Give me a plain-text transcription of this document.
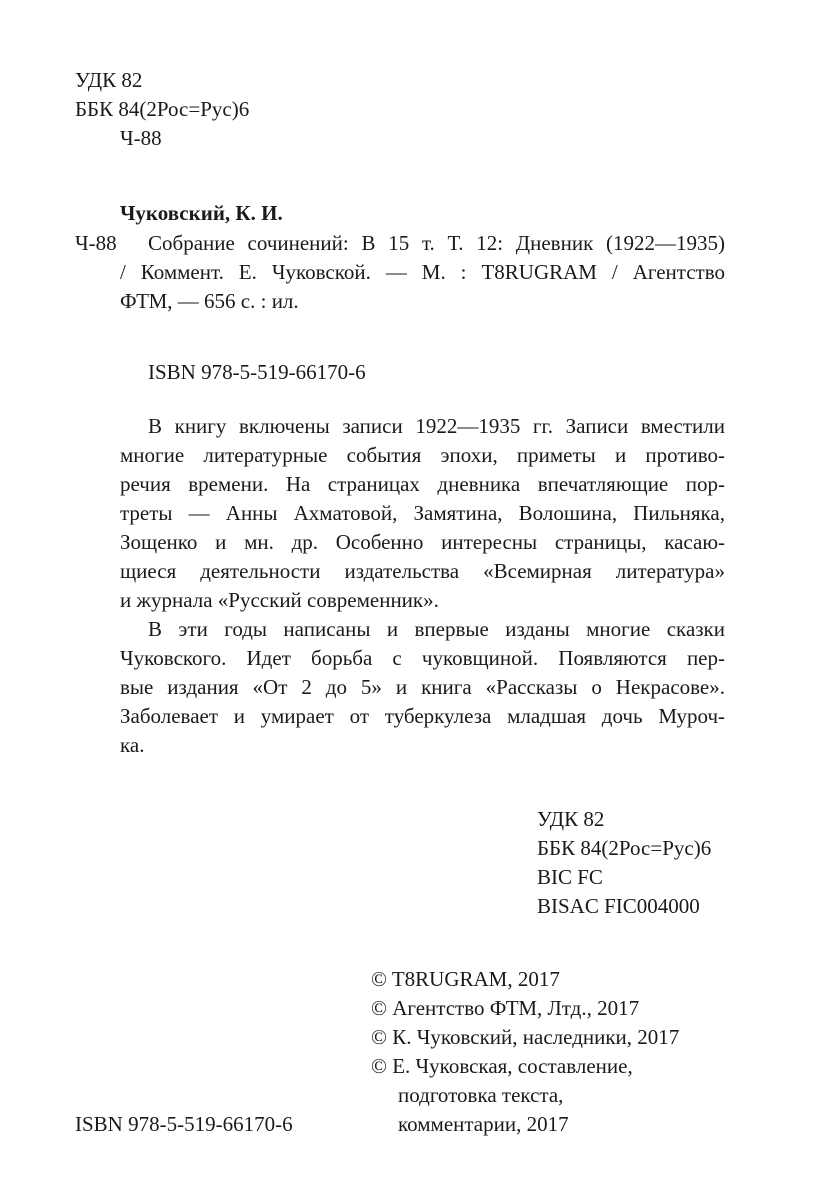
УДК 82
ББК 84(2Рос=Рус)6
Ч-88
Чуковский, К. И.
Ч-88 Собрание сочинений: В 15 т. Т. 12: Дневник (1922—1935)
/ Коммент. Е. Чуковской. — М. : T8RUGRAM / Агентство
ФТМ, — 656 с. : ил.
ISBN 978-5-519-66170-6
В книгу включены записи 1922—1935 гг. Записи вместили
многие литературные события эпохи, приметы и противо-
речия времени. На страницах дневника впечатляющие пор-
треты — Анны Ахматовой, Замятина, Волошина, Пильняка,
Зощенко и мн. др. Особенно интересны страницы, касаю-
щиеся деятельности издательства «Всемирная литература»
и журнала «Русский современник».
В эти годы написаны и впервые изданы многие сказки
Чуковского. Идет борьба с чуковщиной. Появляются пер-
вые издания «От 2 до 5» и книга «Рассказы о Некрасове».
Заболевает и умирает от туберкулеза младшая дочь Муроч-
ка.
УДК 82
ББК 84(2Рос=Рус)6
BIC FC
BISAC FIC004000
© T8RUGRAM, 2017
© Агентство ФТМ, Лтд., 2017
© К. Чуковский, наследники, 2017
© Е. Чуковская, составление,
подготовка текста,
комментарии, 2017
ISBN 978-5-519-66170-6
